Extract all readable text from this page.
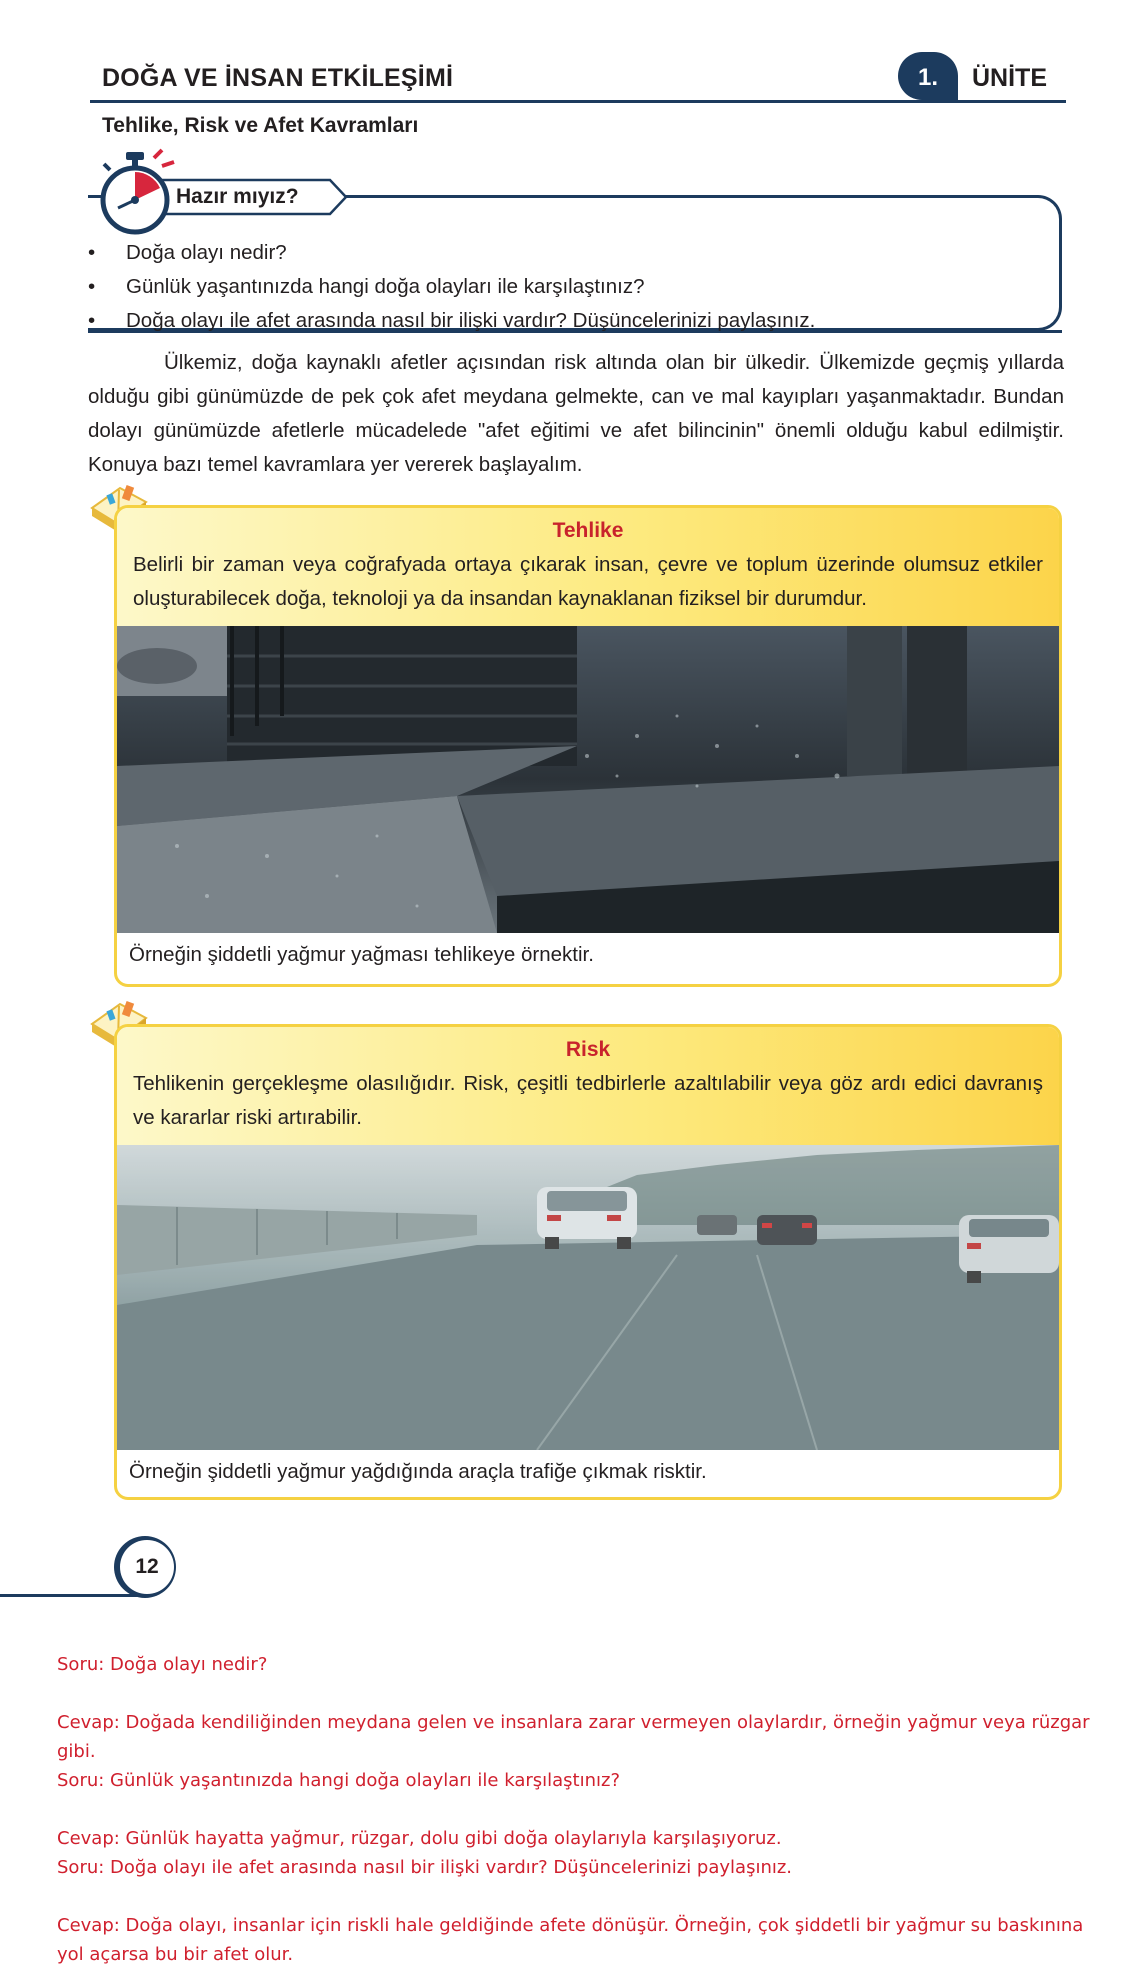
DOĞA VE İNSAN ETKİLEŞİMİ	1.	ÜNİTE
Tehlike, Risk ve Afet Kavramları
Hazır mıyız?
• Doğa olayı nedir?
• Günlük yaşantınızda hangi doğa olayları ile karşılaştınız?
• Doğa olayı ile afet arasında nasıl bir ilişki vardır? Düşüncelerinizi paylaşınız.

Ülkemiz, doğa kaynaklı afetler açısından risk altında olan bir ülkedir. Ülkemizde geçmiş yıllarda olduğu gibi günümüzde de pek çok afet meydana gelmekte, can ve mal kayıpları yaşanmaktadır. Bundan dolayı günümüzde afetlerle mücadelede "afet eğitimi ve afet bilincinin" önemli olduğu kabul edilmiştir. Konuya bazı temel kavramlara yer vererek başlayalım.

Tehlike
Belirli bir zaman veya coğrafyada ortaya çıkarak insan, çevre ve toplum üzerinde olumsuz etkiler oluşturabilecek doğa, teknoloji ya da insandan kaynaklanan fiziksel bir durumdur.
Örneğin şiddetli yağmur yağması tehlikeye örnektir.
Risk
Tehlikenin gerçekleşme olasılığıdır. Risk, çeşitli tedbirlerle azaltılabilir veya göz ardı edici davranış ve kararlar riski artırabilir.
Örneğin şiddetli yağmur yağdığında araçla trafiğe çıkmak risktir.
12

Soru: Doğa olayı nedir?

Cevap: Doğada kendiliğinden meydana gelen ve insanlara zarar vermeyen olaylardır, örneğin yağmur veya rüzgar gibi.

Soru: Günlük yaşantınızda hangi doğa olayları ile karşılaştınız?

Cevap: Günlük hayatta yağmur, rüzgar, dolu gibi doğa olaylarıyla karşılaşıyoruz.

Soru: Doğa olayı ile afet arasında nasıl bir ilişki vardır? Düşüncelerinizi paylaşınız.

Cevap: Doğa olayı, insanlar için riskli hale geldiğinde afete dönüşür. Örneğin, çok şiddetli bir yağmur su baskınına yol açarsa bu bir afet olur.
